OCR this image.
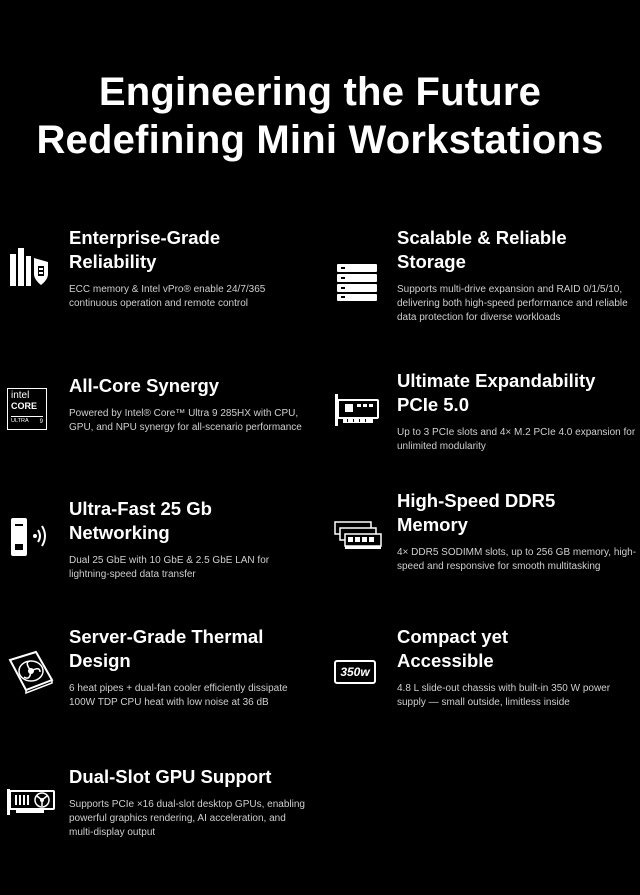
Engineering the Future
Redefining Mini Workstations
Enterprise-Grade
Reliability
ECC memory & Intel vPro® enable 24/7/365 continuous operation and remote control
Scalable & Reliable
Storage
Supports multi-drive expansion and RAID 0/1/5/10, delivering both high-speed performance and reliable data protection for diverse workloads
intel
CORE
ULTRA 9
All-Core Synergy
Powered by Intel® Core™ Ultra 9 285HX with CPU, GPU, and NPU synergy for all-scenario performance
Ultimate Expandability
PCIe 5.0
Up to 3 PCIe slots and 4× M.2 PCIe 4.0 expansion for unlimited modularity
Ultra-Fast 25 Gb
Networking
Dual 25 GbE with 10 GbE & 2.5 GbE LAN for lightning-speed data transfer
High-Speed DDR5
Memory
4× DDR5 SODIMM slots, up to 256 GB memory, high-speed and responsive for smooth multitasking
Server-Grade Thermal
Design
6 heat pipes + dual-fan cooler efficiently dissipate 100W TDP CPU heat with low noise at 36 dB
350w
Compact yet
Accessible
4.8 L slide-out chassis with built-in 350 W power supply — small outside, limitless inside
Dual-Slot GPU Support
Supports PCIe ×16 dual-slot desktop GPUs, enabling powerful graphics rendering, AI acceleration, and multi-display output
